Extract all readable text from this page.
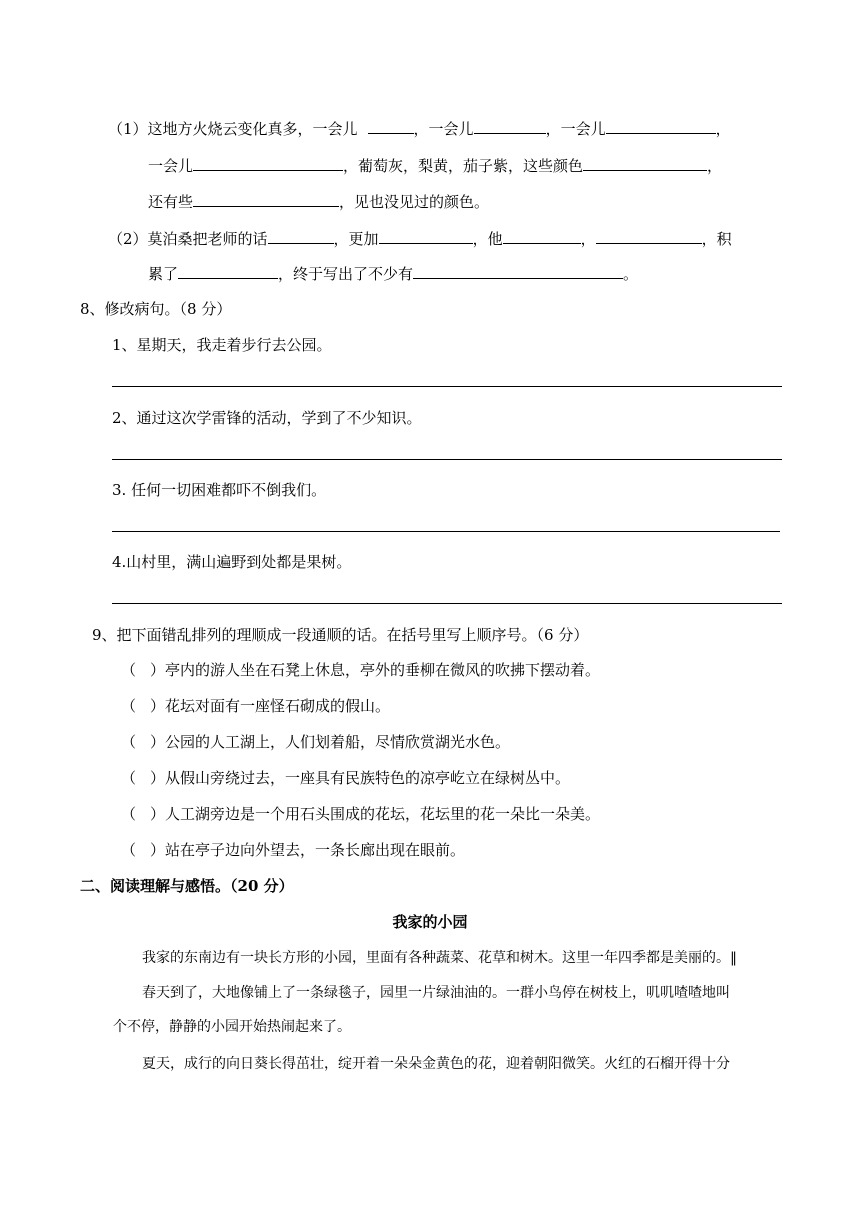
（1）这地方火烧云变化真多，一会儿	，一会儿	，一会儿	，
一会儿	，葡萄灰，梨黄，茄子紫，这些颜色	，
还有些	，见也没见过的颜色。
（2）莫泊桑把老师的话	，更加	，他	，	，积
累了	，终于写出了不少有	。
8、修改病句。（8 分）
1、星期天，我走着步行去公园。
2、通过这次学雷锋的活动，学到了不少知识。
3. 任何一切困难都吓不倒我们。
4.山村里，满山遍野到处都是果树。
9、把下面错乱排列的理顺成一段通顺的话。在括号里写上顺序号。（6 分）
（ ）亭内的游人坐在石凳上休息，亭外的垂柳在微风的吹拂下摆动着。
（ ）花坛对面有一座怪石砌成的假山。
（ ）公园的人工湖上，人们划着船，尽情欣赏湖光水色。
（ ）从假山旁绕过去，一座具有民族特色的凉亭屹立在绿树丛中。
（ ）人工湖旁边是一个用石头围成的花坛，花坛里的花一朵比一朵美。
（ ）站在亭子边向外望去，一条长廊出现在眼前。
二、阅读理解与感悟。（20 分）
我家的小园
我家的东南边有一块长方形的小园，里面有各种蔬菜、花草和树木。这里一年四季都是美丽的。‖
春天到了，大地像铺上了一条绿毯子，园里一片绿油油的。一群小鸟停在树枝上，叽叽喳喳地叫
个不停，静静的小园开始热闹起来了。
夏天，成行的向日葵长得茁壮，绽开着一朵朵金黄色的花，迎着朝阳微笑。火红的石榴开得十分
